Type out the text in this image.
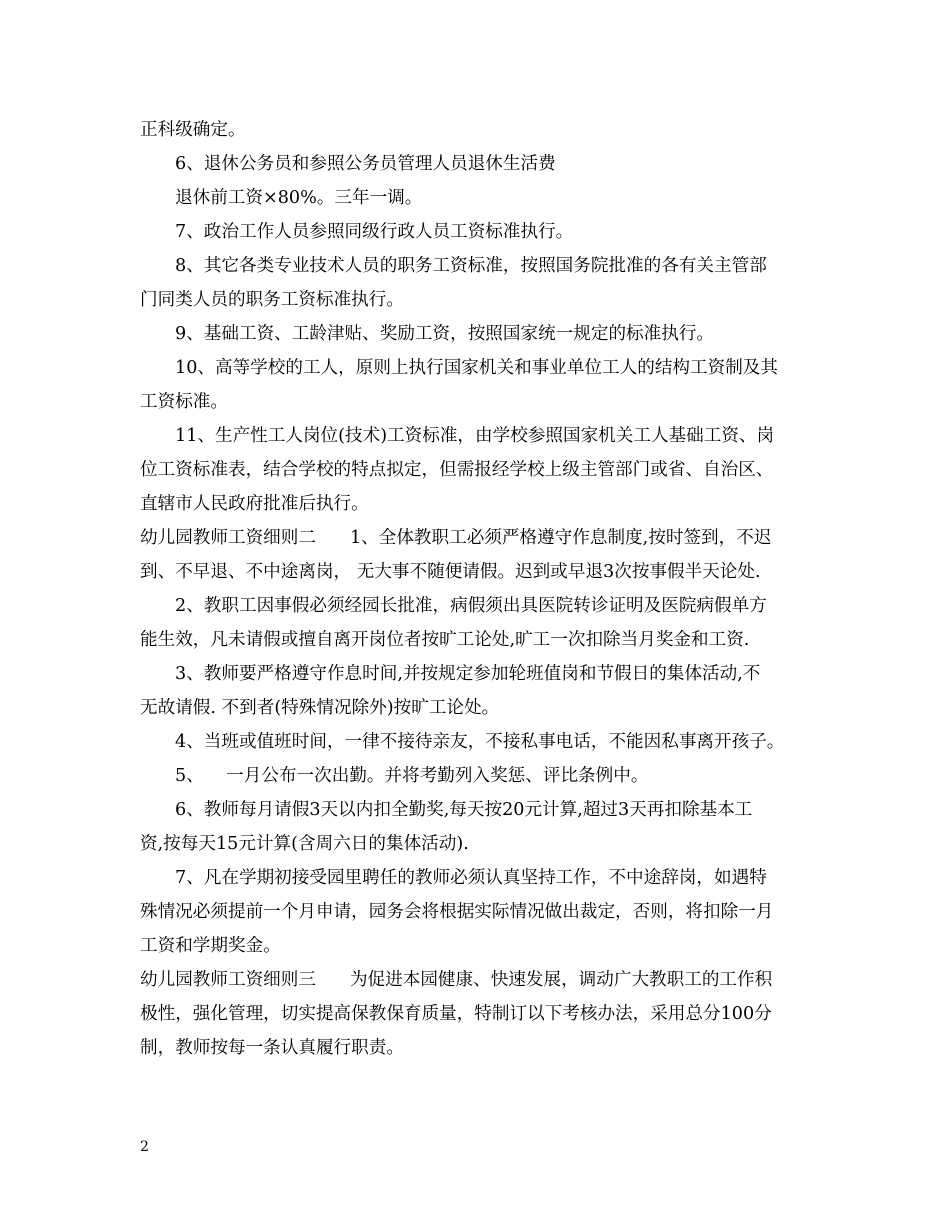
正科级确定。
6、退休公务员和参照公务员管理人员退休生活费
退休前工资×80%。三年一调。
7、政治工作人员参照同级行政人员工资标准执行。
8、其它各类专业技术人员的职务工资标准，按照国务院批准的各有关主管部
门同类人员的职务工资标准执行。
9、基础工资、工龄津贴、奖励工资，按照国家统一规定的标准执行。
10、高等学校的工人，原则上执行国家机关和事业单位工人的结构工资制及其
工资标准。
11、生产性工人岗位(技术)工资标准，由学校参照国家机关工人基础工资、岗
位工资标准表，结合学校的特点拟定，但需报经学校上级主管部门或省、自治区、
直辖市人民政府批准后执行。
幼儿园教师工资细则二 1、全体教职工必须严格遵守作息制度,按时签到，不迟
到、不早退、不中途离岗， 无大事不随便请假。迟到或早退3次按事假半天论处.
2、教职工因事假必须经园长批准，病假须出具医院转诊证明及医院病假单方
能生效，凡未请假或擅自离开岗位者按旷工论处,旷工一次扣除当月奖金和工资.
3、教师要严格遵守作息时间,并按规定参加轮班值岗和节假日的集体活动,不
无故请假. 不到者(特殊情况除外)按旷工论处。
4、当班或值班时间，一律不接待亲友，不接私事电话，不能因私事离开孩子。
5、    一月公布一次出勤。并将考勤列入奖惩、评比条例中。
6、教师每月请假3天以内扣全勤奖,每天按20元计算,超过3天再扣除基本工
资,按每天15元计算(含周六日的集体活动).
7、凡在学期初接受园里聘任的教师必须认真坚持工作，不中途辞岗，如遇特
殊情况必须提前一个月申请，园务会将根据实际情况做出裁定，否则，将扣除一月
工资和学期奖金。
幼儿园教师工资细则三 为促进本园健康、快速发展，调动广大教职工的工作积
极性，强化管理，切实提高保教保育质量，特制订以下考核办法，采用总分100分
制，教师按每一条认真履行职责。
2
